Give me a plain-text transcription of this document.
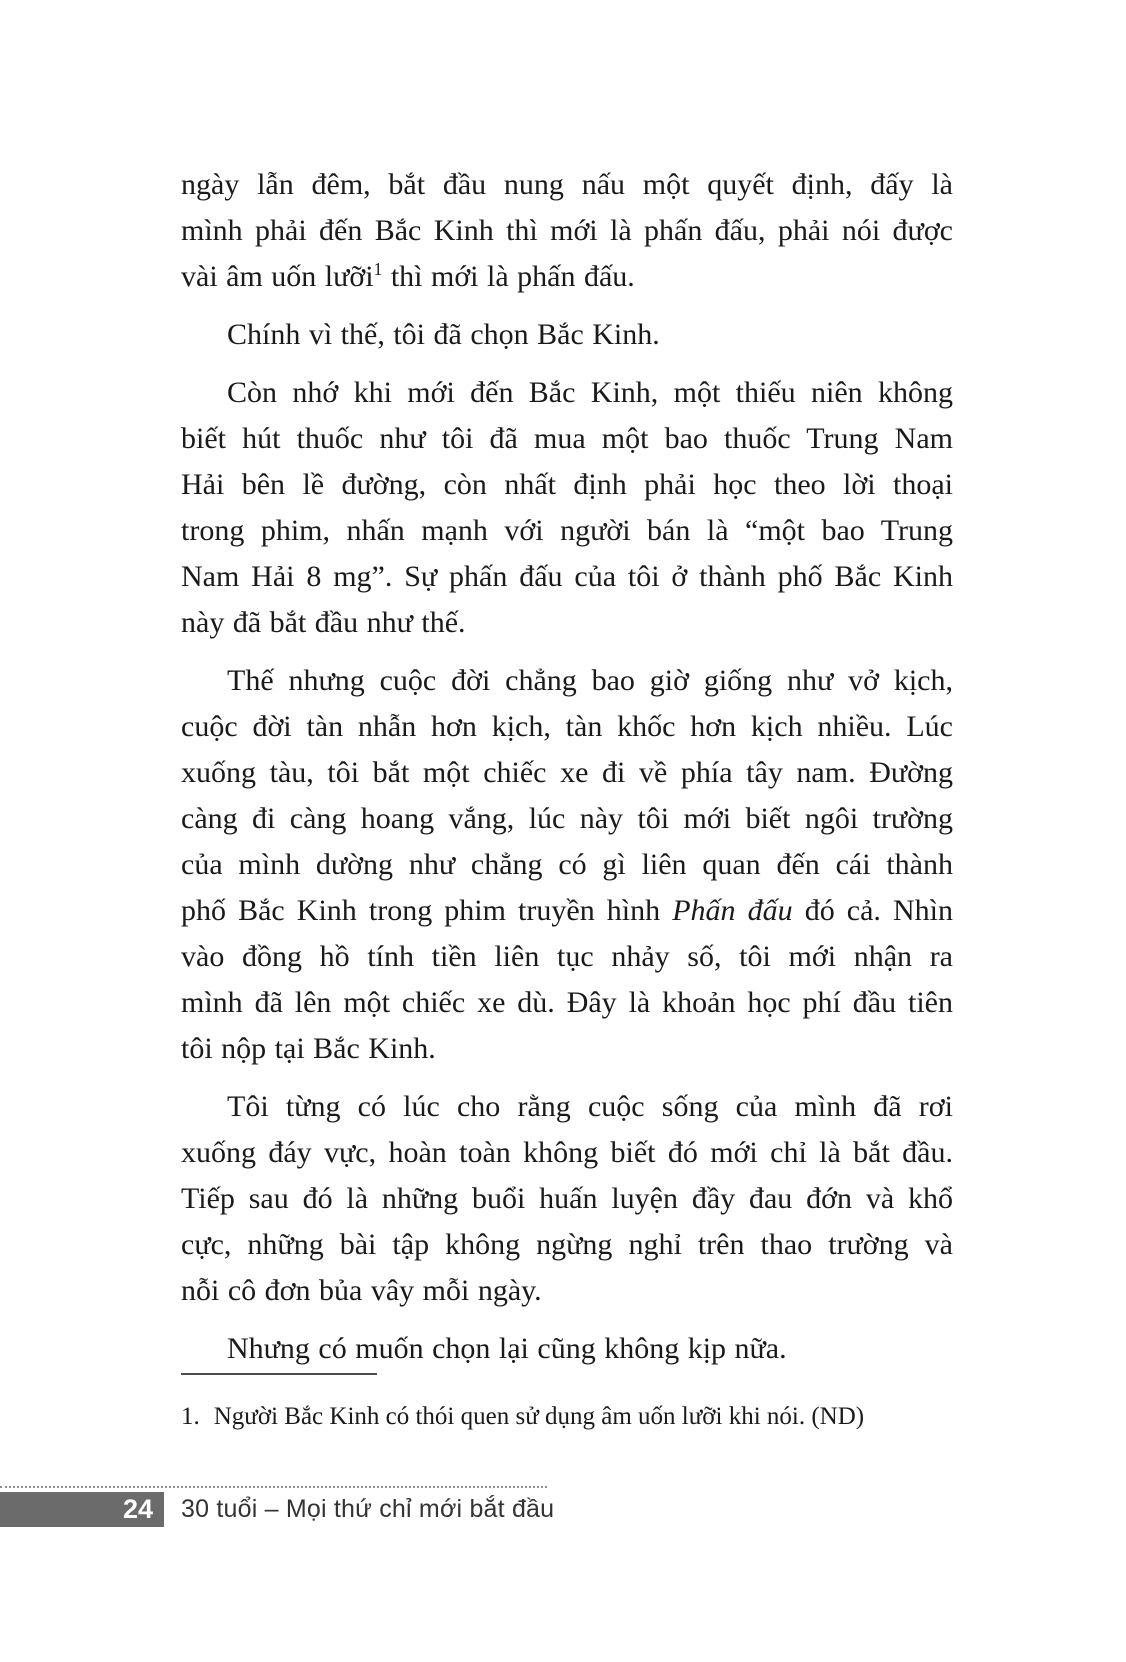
ngày lẫn đêm, bắt đầu nung nấu một quyết định, đấy là
mình phải đến Bắc Kinh thì mới là phấn đấu, phải nói được
vài âm uốn lưỡi$^1$ thì mới là phấn đấu.
Chính vì thế, tôi đã chọn Bắc Kinh.
Còn nhớ khi mới đến Bắc Kinh, một thiếu niên không
biết hút thuốc như tôi đã mua một bao thuốc Trung Nam
Hải bên lề đường, còn nhất định phải học theo lời thoại
trong phim, nhấn mạnh với người bán là “một bao Trung
Nam Hải 8 mg”. Sự phấn đấu của tôi ở thành phố Bắc Kinh
này đã bắt đầu như thế.
Thế nhưng cuộc đời chẳng bao giờ giống như vở kịch,
cuộc đời tàn nhẫn hơn kịch, tàn khốc hơn kịch nhiều. Lúc
xuống tàu, tôi bắt một chiếc xe đi về phía tây nam. Đường
càng đi càng hoang vắng, lúc này tôi mới biết ngôi trường
của mình dường như chẳng có gì liên quan đến cái thành
phố Bắc Kinh trong phim truyền hình Phấn đấu đó cả. Nhìn
vào đồng hồ tính tiền liên tục nhảy số, tôi mới nhận ra
mình đã lên một chiếc xe dù. Đây là khoản học phí đầu tiên
tôi nộp tại Bắc Kinh.
Tôi từng có lúc cho rằng cuộc sống của mình đã rơi
xuống đáy vực, hoàn toàn không biết đó mới chỉ là bắt đầu.
Tiếp sau đó là những buổi huấn luyện đầy đau đớn và khổ
cực, những bài tập không ngừng nghỉ trên thao trường và
nỗi cô đơn bủa vây mỗi ngày.
Nhưng có muốn chọn lại cũng không kịp nữa.
1. Người Bắc Kinh có thói quen sử dụng âm uốn lưỡi khi nói. (ND)
24 30 tuổi – Mọi thứ chỉ mới bắt đầu
